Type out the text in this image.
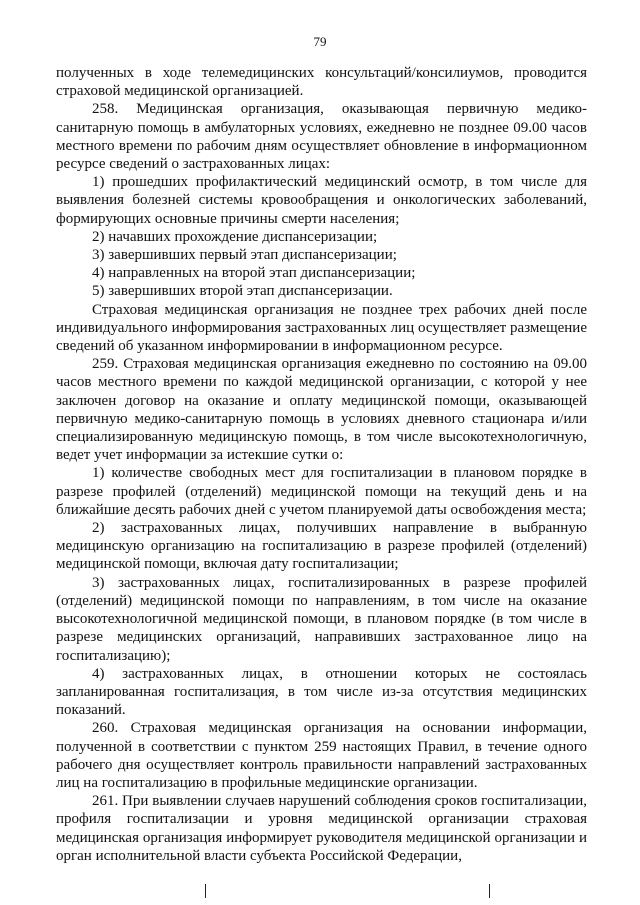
79

полученных в ходе телемедицинских консультаций/консилиумов, проводится страховой медицинской организацией.

258. Медицинская организация, оказывающая первичную медико-санитарную помощь в амбулаторных условиях, ежедневно не позднее 09.00 часов местного времени по рабочим дням осуществляет обновление в информационном ресурсе сведений о застрахованных лицах:

1) прошедших профилактический медицинский осмотр, в том числе для выявления болезней системы кровообращения и онкологических заболеваний, формирующих основные причины смерти населения;

2) начавших прохождение диспансеризации;

3) завершивших первый этап диспансеризации;

4) направленных на второй этап диспансеризации;

5) завершивших второй этап диспансеризации.

Страховая медицинская организация не позднее трех рабочих дней после индивидуального информирования застрахованных лиц осуществляет размещение сведений об указанном информировании в информационном ресурсе.

259. Страховая медицинская организация ежедневно по состоянию на 09.00 часов местного времени по каждой медицинской организации, с которой у нее заключен договор на оказание и оплату медицинской помощи, оказывающей первичную медико-санитарную помощь в условиях дневного стационара и/или специализированную медицинскую помощь, в том числе высокотехнологичную, ведет учет информации за истекшие сутки о:

1) количестве свободных мест для госпитализации в плановом порядке в разрезе профилей (отделений) медицинской помощи на текущий день и на ближайшие десять рабочих дней с учетом планируемой даты освобождения места;

2) застрахованных лицах, получивших направление в выбранную медицинскую организацию на госпитализацию в разрезе профилей (отделений) медицинской помощи, включая дату госпитализации;

3) застрахованных лицах, госпитализированных в разрезе профилей (отделений) медицинской помощи по направлениям, в том числе на оказание высокотехнологичной медицинской помощи, в плановом порядке (в том числе в разрезе медицинских организаций, направивших застрахованное лицо на госпитализацию);

4) застрахованных лицах, в отношении которых не состоялась запланированная госпитализация, в том числе из-за отсутствия медицинских показаний.

260. Страховая медицинская организация на основании информации, полученной в соответствии с пунктом 259 настоящих Правил, в течение одного рабочего дня осуществляет контроль правильности направлений застрахованных лиц на госпитализацию в профильные медицинские организации.

261. При выявлении случаев нарушений соблюдения сроков госпитализации, профиля госпитализации и уровня медицинской организации страховая медицинская организация информирует руководителя медицинской организации и орган исполнительной власти субъекта Российской Федерации,
